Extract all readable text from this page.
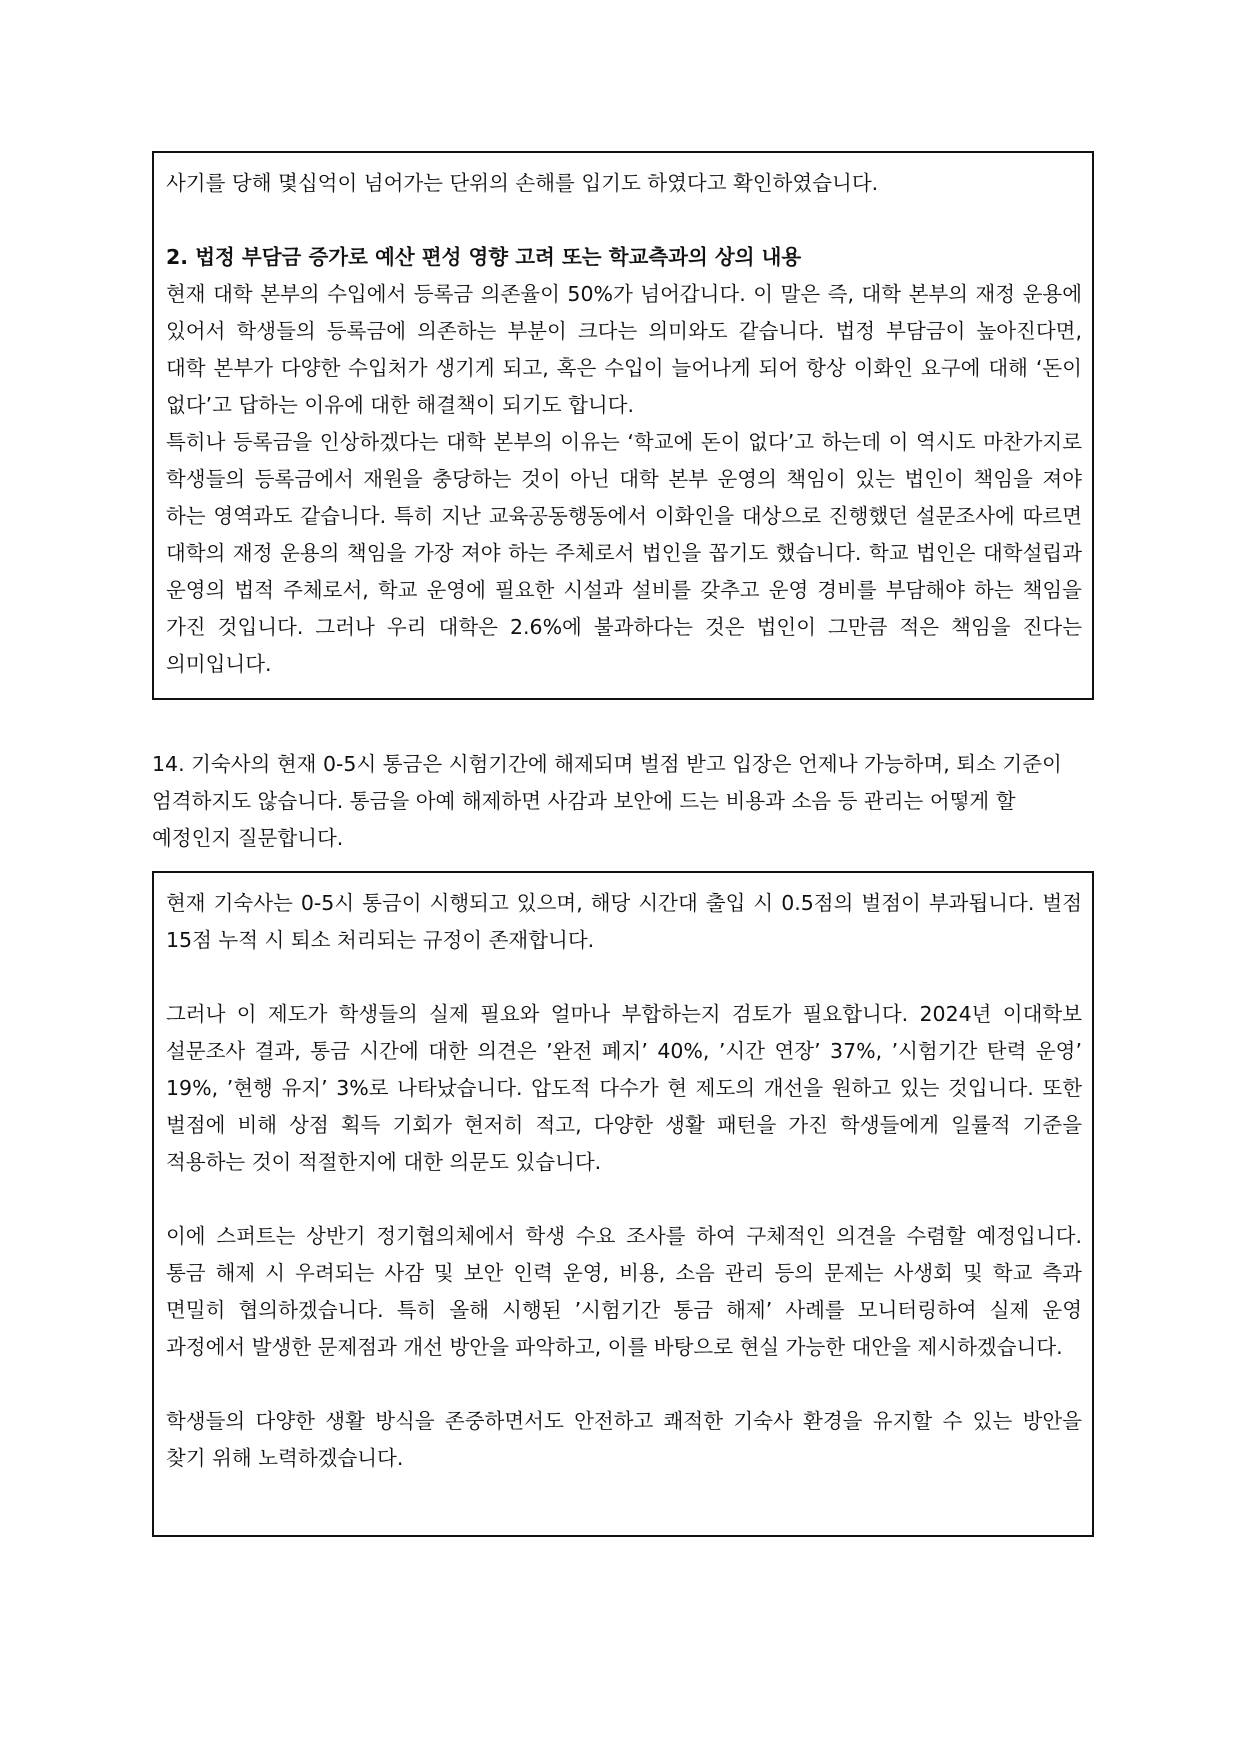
사기를 당해 몇십억이 넘어가는 단위의 손해를 입기도 하였다고 확인하였습니다.

2. 법정 부담금 증가로 예산 편성 영향 고려 또는 학교측과의 상의 내용

현재 대학 본부의 수입에서 등록금 의존율이 50%가 넘어갑니다. 이 말은 즉, 대학 본부의 재정 운용에 있어서 학생들의 등록금에 의존하는 부분이 크다는 의미와도 같습니다. 법정 부담금이 높아진다면, 대학 본부가 다양한 수입처가 생기게 되고, 혹은 수입이 늘어나게 되어 항상 이화인 요구에 대해 ‘돈이 없다’고 답하는 이유에 대한 해결책이 되기도 합니다.

특히나 등록금을 인상하겠다는 대학 본부의 이유는 ‘학교에 돈이 없다’고 하는데 이 역시도 마찬가지로 학생들의 등록금에서 재원을 충당하는 것이 아닌 대학 본부 운영의 책임이 있는 법인이 책임을 져야 하는 영역과도 같습니다. 특히 지난 교육공동행동에서 이화인을 대상으로 진행했던 설문조사에 따르면 대학의 재정 운용의 책임을 가장 져야 하는 주체로서 법인을 꼽기도 했습니다. 학교 법인은 대학설립과 운영의 법적 주체로서, 학교 운영에 필요한 시설과 설비를 갖추고 운영 경비를 부담해야 하는 책임을 가진 것입니다. 그러나 우리 대학은 2.6%에 불과하다는 것은 법인이 그만큼 적은 책임을 진다는 의미입니다.

14. 기숙사의 현재 0-5시 통금은 시험기간에 해제되며 벌점 받고 입장은 언제나 가능하며, 퇴소 기준이 엄격하지도 않습니다. 통금을 아예 해제하면 사감과 보안에 드는 비용과 소음 등 관리는 어떻게 할 예정인지 질문합니다.

현재 기숙사는 0-5시 통금이 시행되고 있으며, 해당 시간대 출입 시 0.5점의 벌점이 부과됩니다. 벌점 15점 누적 시 퇴소 처리되는 규정이 존재합니다.

그러나 이 제도가 학생들의 실제 필요와 얼마나 부합하는지 검토가 필요합니다. 2024년 이대학보 설문조사 결과, 통금 시간에 대한 의견은 ’완전 폐지’ 40%, ’시간 연장’ 37%, ’시험기간 탄력 운영’ 19%, ’현행 유지’ 3%로 나타났습니다. 압도적 다수가 현 제도의 개선을 원하고 있는 것입니다. 또한 벌점에 비해 상점 획득 기회가 현저히 적고, 다양한 생활 패턴을 가진 학생들에게 일률적 기준을 적용하는 것이 적절한지에 대한 의문도 있습니다.

이에 스퍼트는 상반기 정기협의체에서 학생 수요 조사를 하여 구체적인 의견을 수렴할 예정입니다. 통금 해제 시 우려되는 사감 및 보안 인력 운영, 비용, 소음 관리 등의 문제는 사생회 및 학교 측과 면밀히 협의하겠습니다. 특히 올해 시행된 ’시험기간 통금 해제’ 사례를 모니터링하여 실제 운영 과정에서 발생한 문제점과 개선 방안을 파악하고, 이를 바탕으로 현실 가능한 대안을 제시하겠습니다.

학생들의 다양한 생활 방식을 존중하면서도 안전하고 쾌적한 기숙사 환경을 유지할 수 있는 방안을 찾기 위해 노력하겠습니다.
